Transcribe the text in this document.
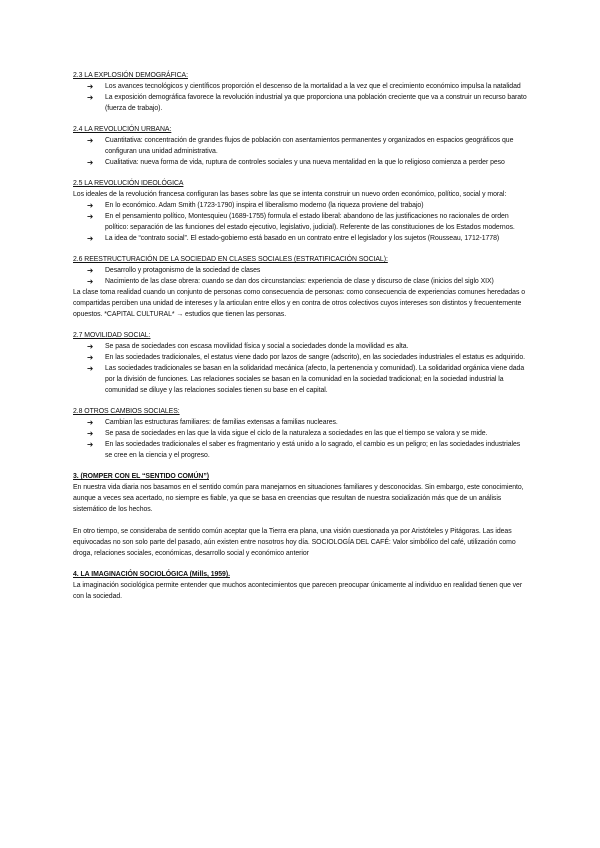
2.3 LA EXPLOSIÓN DEMOGRÁFICA:
➔ Los avances tecnológicos y científicos proporción el descenso de la mortalidad a la vez que el crecimiento económico impulsa la natalidad
➔ La exposición demográfica favorece la revolución industrial ya que proporciona una población creciente que va a construir un recurso barato (fuerza de trabajo).
2.4 LA REVOLUCIÓN URBANA:
➔ Cuantitativa: concentración de grandes flujos de población con asentamientos permanentes y organizados en espacios geográficos que configuran una unidad administrativa.
➔ Cualitativa: nueva forma de vida, ruptura de controles sociales y una nueva mentalidad en la que lo religioso comienza a perder peso
2.5 LA REVOLUCIÓN IDEOLÓGICA

Los ideales de la revolución francesa configuran las bases sobre las que se intenta construir un nuevo orden económico, político, social y moral:

➔ En lo económico. Adam Smith (1723-1790) inspira el liberalismo moderno (la riqueza proviene del trabajo)
➔ En el pensamiento político, Montesquieu (1689-1755) formula el estado liberal: abandono de las justificaciones no racionales de orden político: separación de las funciones del estado ejecutivo, legislativo, judicial). Referente de las constituciones de los Estados modernos.
➔ La idea de “contrato social”. El estado-gobierno está basado en un contrato entre el legislador y los sujetos (Rousseau, 1712-1778)
2.6 REESTRUCTURACIÓN DE LA SOCIEDAD EN CLASES SOCIALES (ESTRATIFICACIÓN SOCIAL):
➔ Desarrollo y protagonismo de la sociedad de clases
➔ Nacimiento de las clase obrera: cuando se dan dos circunstancias: experiencia de clase y discurso de clase (inicios del siglo XIX)

La clase toma realidad cuando un conjunto de personas como consecuencia de personas: como consecuencia de experiencias comunes heredadas o compartidas perciben una unidad de intereses y la articulan entre ellos y en contra de otros colectivos cuyos intereses son distintos y frecuentemente opuestos. *CAPITAL CULTURAL* → estudios que tienen las personas.

2.7 MOVILIDAD SOCIAL:
➔ Se pasa de sociedades con escasa movilidad física y social a sociedades donde la movilidad es alta.
➔ En las sociedades tradicionales, el estatus viene dado por lazos de sangre (adscrito), en las sociedades industriales el estatus es adquirido.
➔ Las sociedades tradicionales se basan en la solidaridad mecánica (afecto, la pertenencia y comunidad). La solidaridad orgánica viene dada por la división de funciones. Las relaciones sociales se basan en la comunidad en la sociedad tradicional; en la sociedad industrial la comunidad se diluye y las relaciones sociales tienen su base en el capital.
2.8 OTROS CAMBIOS SOCIALES:
➔ Cambian las estructuras familiares: de familias extensas a familias nucleares.
➔ Se pasa de sociedades en las que la vida sigue el ciclo de la naturaleza a sociedades en las que el tiempo se valora y se mide.
➔ En las sociedades tradicionales el saber es fragmentario y está unido a lo sagrado, el cambio es un peligro; en las sociedades industriales se cree en la ciencia y el progreso.
3. (ROMPER CON EL “SENTIDO COMÚN”)

En nuestra vida diaria nos basamos en el sentido común para manejarnos en situaciones familiares y desconocidas. Sin embargo, este conocimiento, aunque a veces sea acertado, no siempre es fiable, ya que se basa en creencias que resultan de nuestra socialización más que de un análisis sistemático de los hechos.

En otro tiempo, se consideraba de sentido común aceptar que la Tierra era plana, una visión cuestionada ya por Aristóteles y Pitágoras. Las ideas equivocadas no son solo parte del pasado, aún existen entre nosotros hoy día. SOCIOLOGÍA DEL CAFÉ: Valor simbólico del café, utilización como droga, relaciones sociales, económicas, desarrollo social y económico anterior

4. LA IMAGINACIÓN SOCIOLÓGICA (Mills, 1959).

La imaginación sociológica permite entender que muchos acontecimientos que parecen preocupar únicamente al individuo en realidad tienen que ver con la sociedad.
